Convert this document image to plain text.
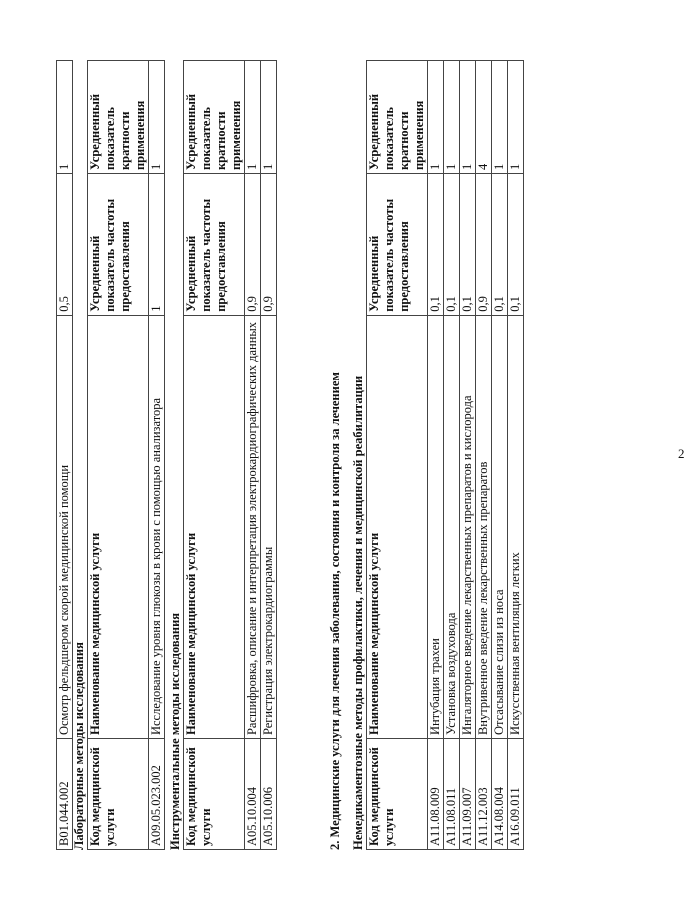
2
B01.044.002	Осмотр фельдшером скорой медицинской помощи	0,5	1
Лабораторные методы исследования Код медицинской услуги	Наименование медицинской услуги	Усредненный показатель частоты предоставления	Усредненный показатель кратности применения
A09.05.023.002	Исследование уровня глюкозы в крови с помощью анализатора	1	1
Инструментальные методы исследования Код медицинской услуги	Наименование медицинской услуги	Усредненный показатель частоты предоставления	Усредненный показатель кратности применения
A05.10.004	Расшифровка, описание и интерпретация электрокардиографических данных	0,9	1
A05.10.006	Регистрация электрокардиограммы	0,9	1
2. Медицинские услуги для лечения заболевания, состояния и контроля за лечением Немедикаментозные методы профилактики, лечения и медицинской реабилитации Код медицинской услуги	Наименование медицинской услуги	Усредненный показатель частоты предоставления	Усредненный показатель кратности применения
A11.08.009	Интубация трахеи	0,1	1
A11.08.011	Установка воздуховода	0,1	1
A11.09.007	Ингаляторное введение лекарственных препаратов и кислорода	0,1	1
A11.12.003	Внутривенное введение лекарственных препаратов	0,9	4
A14.08.004	Отсасывание слизи из носа	0,1	1
A16.09.011	Искусственная вентиляция легких	0,1	1
